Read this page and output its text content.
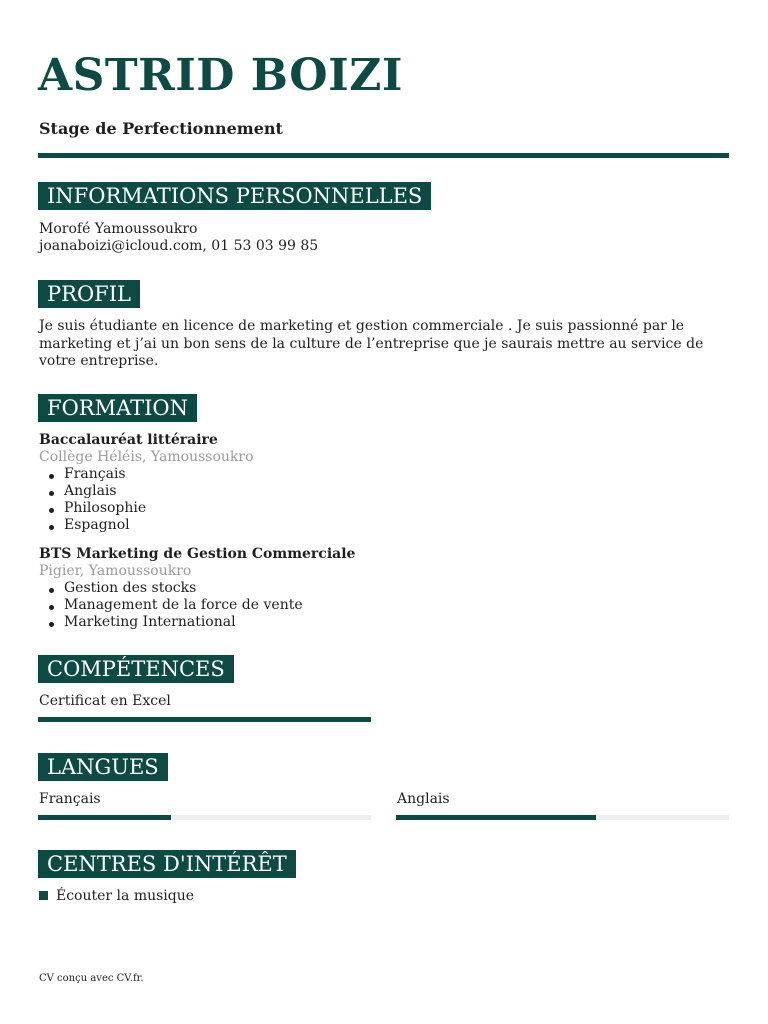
ASTRID BOIZI

Stage de Perfectionnement

INFORMATIONS PERSONNELLES

Morofé Yamoussoukro

joanaboizi@icloud.com, 01 53 03 99 85

PROFIL

Je suis étudiante en licence de marketing et gestion commerciale . Je suis passionné par le marketing et j’ai un bon sens de la culture de l’entreprise que je saurais mettre au service de votre entreprise.

FORMATION

Baccalauréat littéraire

Collège Héléis, Yamoussoukro

Français
Anglais
Philosophie
Espagnol

BTS Marketing de Gestion Commerciale

Pigier, Yamoussoukro

Gestion des stocks
Management de la force de vente
Marketing International
COMPÉTENCES

Certificat en Excel

LANGUES

Français	Anglais

CENTRES D'INTÉRÊT
Écouter la musique
CV conçu avec CV.fr.
